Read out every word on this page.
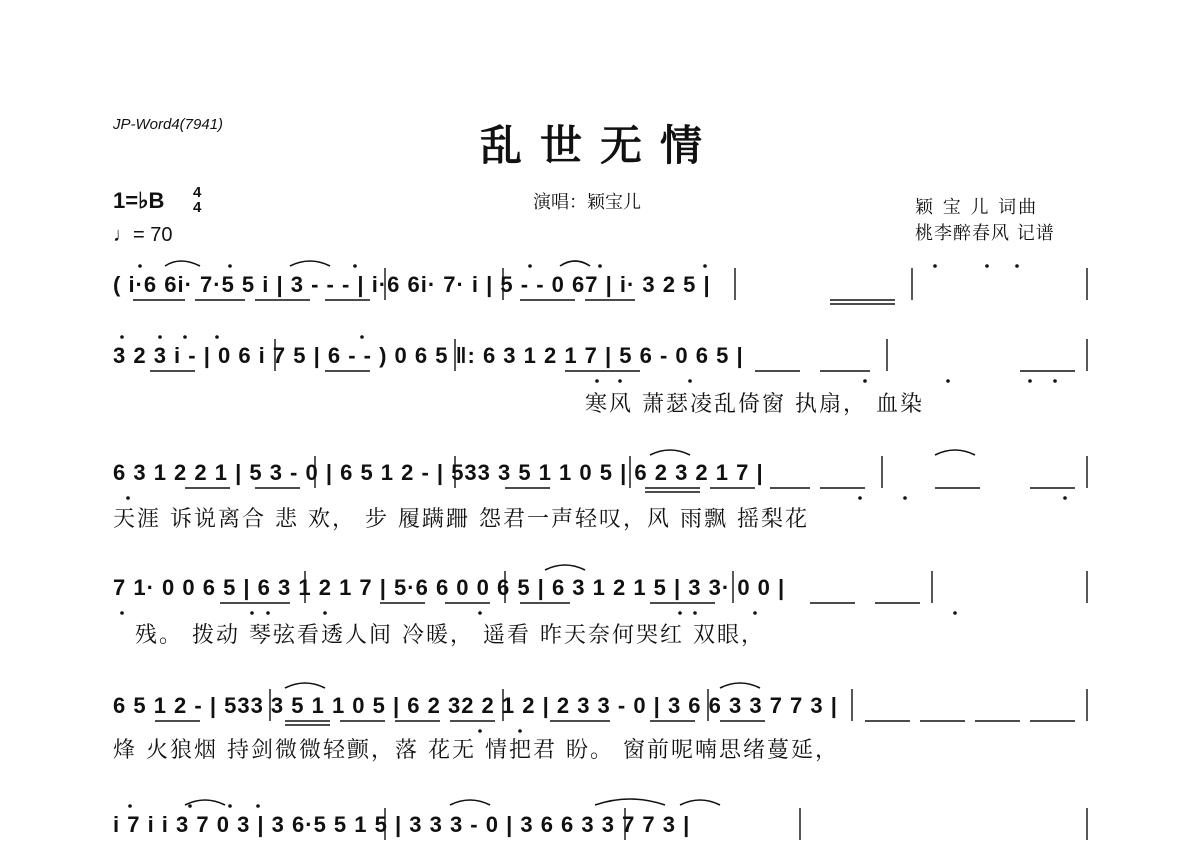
JP-Word4(7941)	乱世无情
1=♭B 4
4
♩= 70
演唱：颖宝儿	颖 宝 儿 词曲
桃李醉春风 记谱
( i·6 6i· 7·5 5 i | 3 - - - | i·6 6i· 7· i | 5 - - 0 67 | i· 3 2 5 |
3 2 3 i - | 0 6 i 7 5 | 6 - - ) 0 6 5 ‖: 6 3 1 2 1 7 | 5 6 - 0 6 5 |
寒风 萧瑟凌乱倚窗 执扇， 血染
6 3 1 2 2 1 | 5 3 - 0 | 6 5 1 2 - | 533 3 5 1 1 0 5 | 6 2 3 2 1 7 |
天涯 诉说离合 悲 欢， 步 履蹒跚 怨君一声轻叹，风 雨飘 摇梨花
7 1· 0 0 6 5 | 6 3 1 2 1 7 | 5·6 6 0 0 6 5 | 6 3 1 2 1 5 | 3 3· 0 0 |
残。 拨动 琴弦看透人间 冷暖， 遥看 昨天奈何哭红 双眼，
6 5 1 2 - | 533 3 5 1 1 0 5 | 6 2 32 2 1 2 | 2 3 3 - 0 | 3 6 6 3 3 7 7 3 |
烽 火狼烟 持剑微微轻颤，落 花无 情把君 盼。 窗前呢喃思绪蔓延，
i 7 i i 3 7 0 3 | 3 6·5 5 1 5 | 3 3 3 - 0 | 3 6 6 3 3 7 7 3 |
